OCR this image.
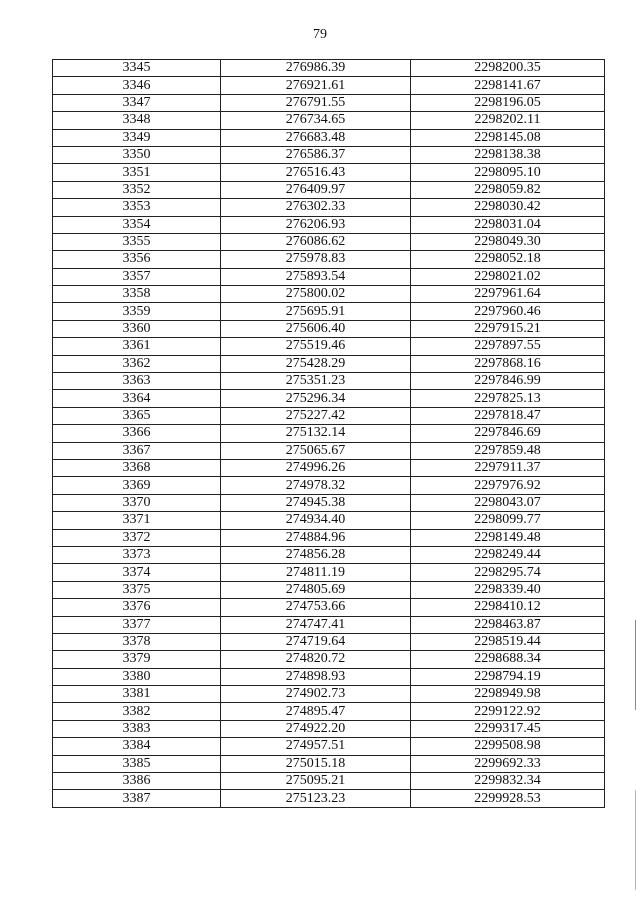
79
3345	276986.39	2298200.35
3346	276921.61	2298141.67
3347	276791.55	2298196.05
3348	276734.65	2298202.11
3349	276683.48	2298145.08
3350	276586.37	2298138.38
3351	276516.43	2298095.10
3352	276409.97	2298059.82
3353	276302.33	2298030.42
3354	276206.93	2298031.04
3355	276086.62	2298049.30
3356	275978.83	2298052.18
3357	275893.54	2298021.02
3358	275800.02	2297961.64
3359	275695.91	2297960.46
3360	275606.40	2297915.21
3361	275519.46	2297897.55
3362	275428.29	2297868.16
3363	275351.23	2297846.99
3364	275296.34	2297825.13
3365	275227.42	2297818.47
3366	275132.14	2297846.69
3367	275065.67	2297859.48
3368	274996.26	2297911.37
3369	274978.32	2297976.92
3370	274945.38	2298043.07
3371	274934.40	2298099.77
3372	274884.96	2298149.48
3373	274856.28	2298249.44
3374	274811.19	2298295.74
3375	274805.69	2298339.40
3376	274753.66	2298410.12
3377	274747.41	2298463.87
3378	274719.64	2298519.44
3379	274820.72	2298688.34
3380	274898.93	2298794.19
3381	274902.73	2298949.98
3382	274895.47	2299122.92
3383	274922.20	2299317.45
3384	274957.51	2299508.98
3385	275015.18	2299692.33
3386	275095.21	2299832.34
3387	275123.23	2299928.53
